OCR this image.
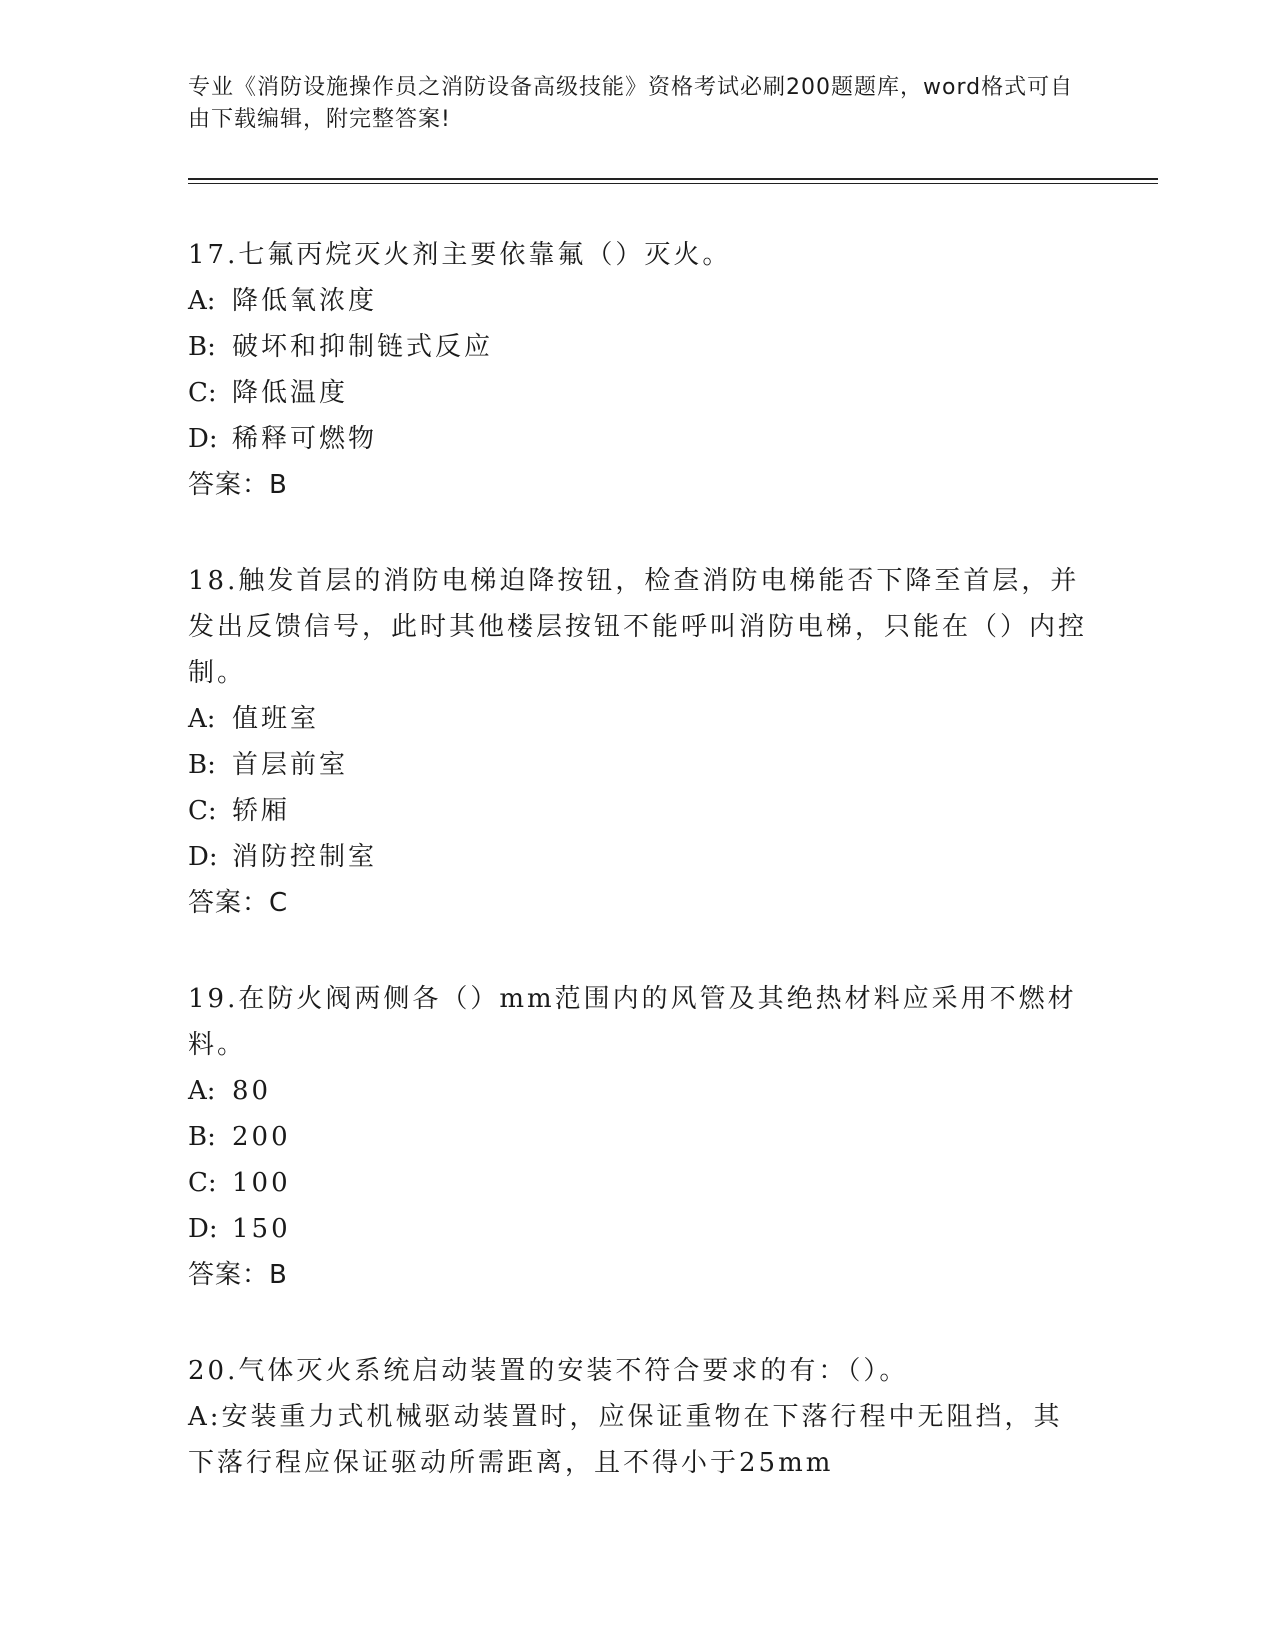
专业《消防设施操作员之消防设备高级技能》资格考试必刷200题题库，word格式可自由下载编辑，附完整答案!

17.七氟丙烷灭火剂主要依靠氟（）灭火。

A: 降低氧浓度

B: 破坏和抑制链式反应

C: 降低温度

D: 稀释可燃物

答案：B

18.触发首层的消防电梯迫降按钮，检查消防电梯能否下降至首层，并发出反馈信号，此时其他楼层按钮不能呼叫消防电梯，只能在（）内控制。

A: 值班室

B: 首层前室

C: 轿厢

D: 消防控制室

答案：C

19.在防火阀两侧各（）mm范围内的风管及其绝热材料应采用不燃材料。

A: 80

B: 200

C: 100

D: 150

答案：B

20.气体灭火系统启动装置的安装不符合要求的有：（）。

A:安装重力式机械驱动装置时，应保证重物在下落行程中无阻挡，其下落行程应保证驱动所需距离，且不得小于25mm
